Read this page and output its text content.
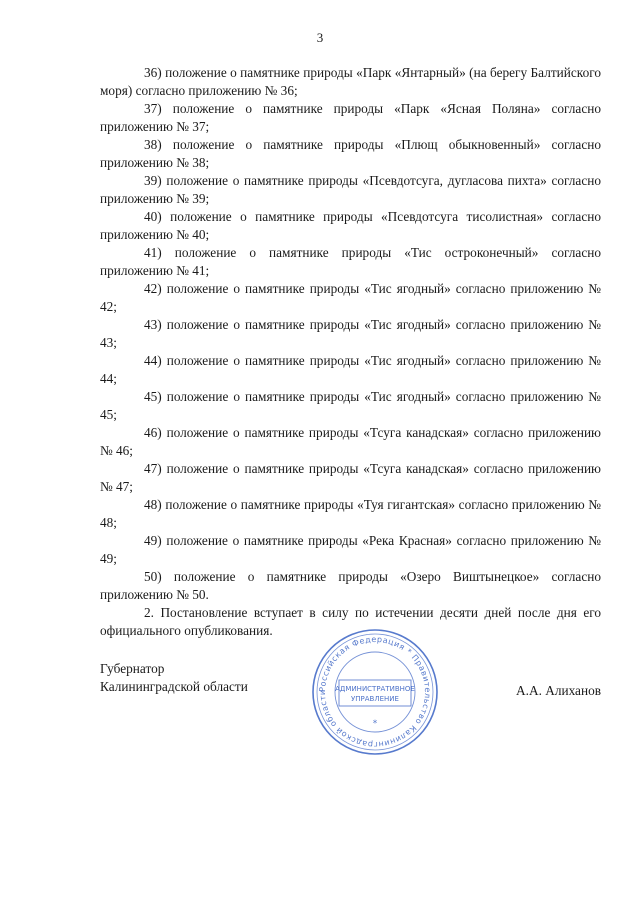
3

36) положение о памятнике природы «Парк «Янтарный» (на берегу Балтийского моря) согласно приложению № 36;

37) положение о памятнике природы «Парк «Ясная Поляна» согласно приложению № 37;

38) положение о памятнике природы «Плющ обыкновенный» согласно приложению № 38;

39) положение о памятнике природы «Псевдотсуга, дугласова пихта» согласно приложению № 39;

40) положение о памятнике природы «Псевдотсуга тисолистная» согласно приложению № 40;

41) положение о памятнике природы «Тис остроконечный» согласно приложению № 41;

42) положение о памятнике природы «Тис ягодный» согласно приложению № 42;

43) положение о памятнике природы «Тис ягодный» согласно приложению № 43;

44) положение о памятнике природы «Тис ягодный» согласно приложению № 44;

45) положение о памятнике природы «Тис ягодный» согласно приложению № 45;

46) положение о памятнике природы «Тсуга канадская» согласно приложению № 46;

47) положение о памятнике природы «Тсуга канадская» согласно приложению № 47;

48) положение о памятнике природы «Туя гигантская» согласно приложению № 48;

49) положение о памятнике природы «Река Красная» согласно приложению № 49;

50) положение о памятнике природы «Озеро Виштынецкое» согласно приложению № 50.

2. Постановление вступает в силу по истечении десяти дней после дня его официального опубликования.

Губернатор
Калининградской области	А.А. Алиханов
Российская Федерация * Правительство Калининградской области	АДМИНИСТРАТИВНОЕ
УПРАВЛЕНИЕ
*
